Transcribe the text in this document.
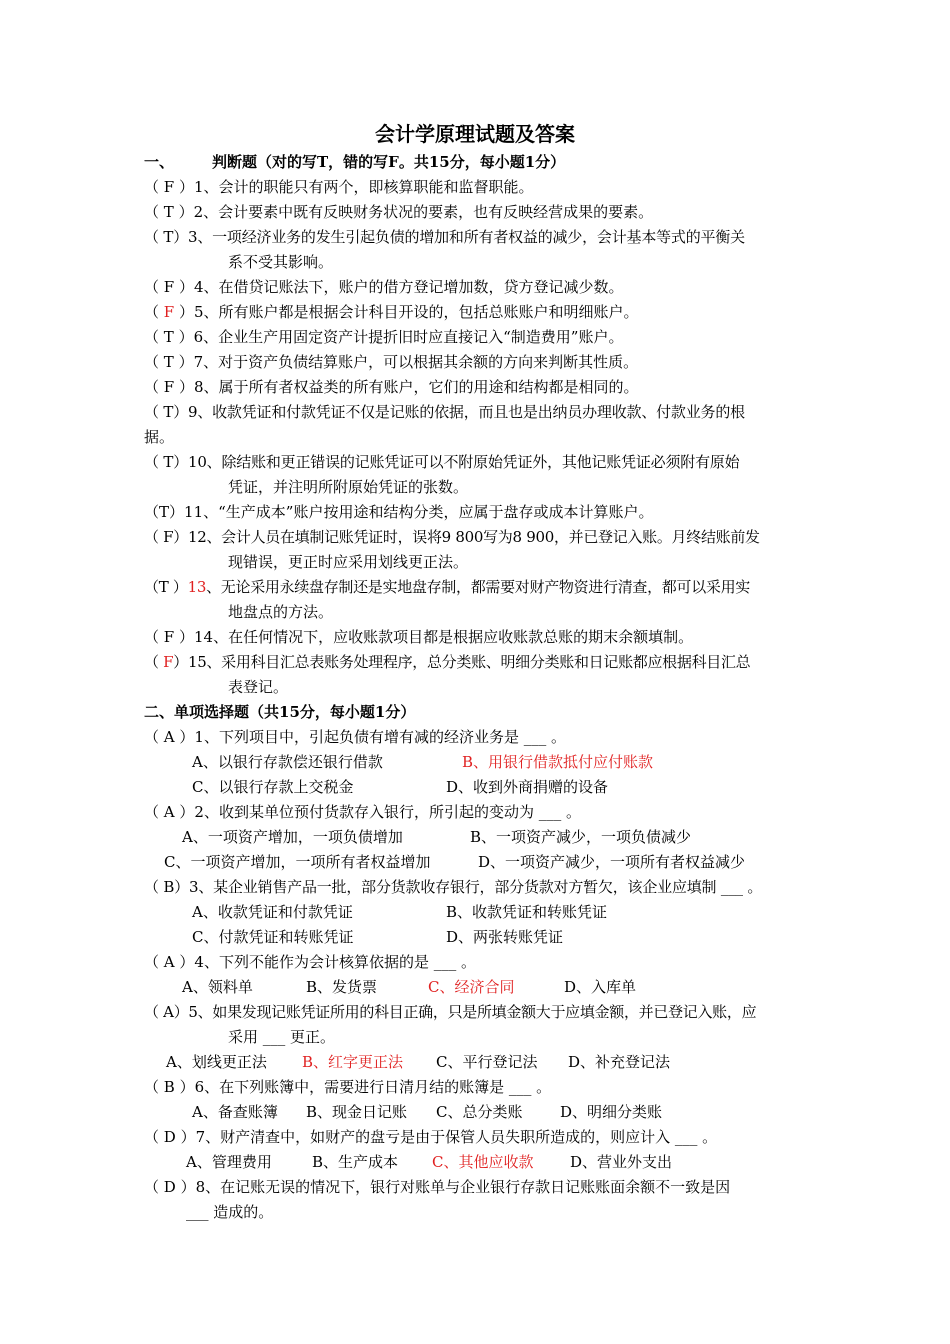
会计学原理试题及答案
一、	判断题（对的写T，错的写F。共15分，每小题1分）
（ F ）1、会计的职能只有两个，即核算职能和监督职能。
（ T ）2、会计要素中既有反映财务状况的要素，也有反映经营成果的要素。
（ T）3、一项经济业务的发生引起负债的增加和所有者权益的减少，会计基本等式的平衡关
系不受其影响。
（ F ）4、在借贷记账法下，账户的借方登记增加数，贷方登记减少数。
（ F ）5、所有账户都是根据会计科目开设的，包括总账账户和明细账户。
（ T ）6、企业生产用固定资产计提折旧时应直接记入“制造费用”账户。
（ T ）7、对于资产负债结算账户，可以根据其余额的方向来判断其性质。
（ F ）8、属于所有者权益类的所有账户，它们的用途和结构都是相同的。
（ T）9、收款凭证和付款凭证不仅是记账的依据，而且也是出纳员办理收款、付款业务的根
据。
（ T）10、除结账和更正错误的记账凭证可以不附原始凭证外，其他记账凭证必须附有原始
凭证，并注明所附原始凭证的张数。
（T）11、“生产成本”账户按用途和结构分类，应属于盘存或成本计算账户。
（ F）12、会计人员在填制记账凭证时，误将9 800写为8 900，并已登记入账。月终结账前发
现错误，更正时应采用划线更正法。
（T ）13、无论采用永续盘存制还是实地盘存制，都需要对财产物资进行清查，都可以采用实
地盘点的方法。
（ F ）14、在任何情况下，应收账款项目都是根据应收账款总账的期末余额填制。
（ F）15、采用科目汇总表账务处理程序，总分类账、明细分类账和日记账都应根据科目汇总
表登记。
二、单项选择题（共15分，每小题1分）
（ A ）1、下列项目中，引起负债有增有减的经济业务是 ___ 。
A、以银行存款偿还银行借款	B、用银行借款抵付应付账款
C、以银行存款上交税金	D、收到外商捐赠的设备
（ A ）2、收到某单位预付货款存入银行，所引起的变动为 ___ 。
A、一项资产增加，一项负债增加	B、一项资产减少，一项负债减少
C、一项资产增加，一项所有者权益增加	D、一项资产减少，一项所有者权益减少
（ B）3、某企业销售产品一批，部分货款收存银行，部分货款对方暂欠，该企业应填制 ___ 。
A、收款凭证和付款凭证	B、收款凭证和转账凭证
C、付款凭证和转账凭证	D、两张转账凭证
（ A ）4、下列不能作为会计核算依据的是 ___ 。
A、领料单	B、发货票	C、经济合同	D、入库单
（ A）5、如果发现记账凭证所用的科目正确，只是所填金额大于应填金额，并已登记入账，应
采用 ___ 更正。
A、划线更正法 B、红字更正法 C、平行登记法 D、补充登记法
（ B ）6、在下列账簿中，需要进行日清月结的账簿是 ___ 。
A、备查账簿 B、现金日记账 C、总分类账	D、明细分类账
（ D ）7、财产清查中，如财产的盘亏是由于保管人员失职所造成的，则应计入 ___ 。
A、管理费用	B、生产成本 C、其他应收款 D、营业外支出
（ D ）8、在记账无误的情况下，银行对账单与企业银行存款日记账账面余额不一致是因
___ 造成的。
